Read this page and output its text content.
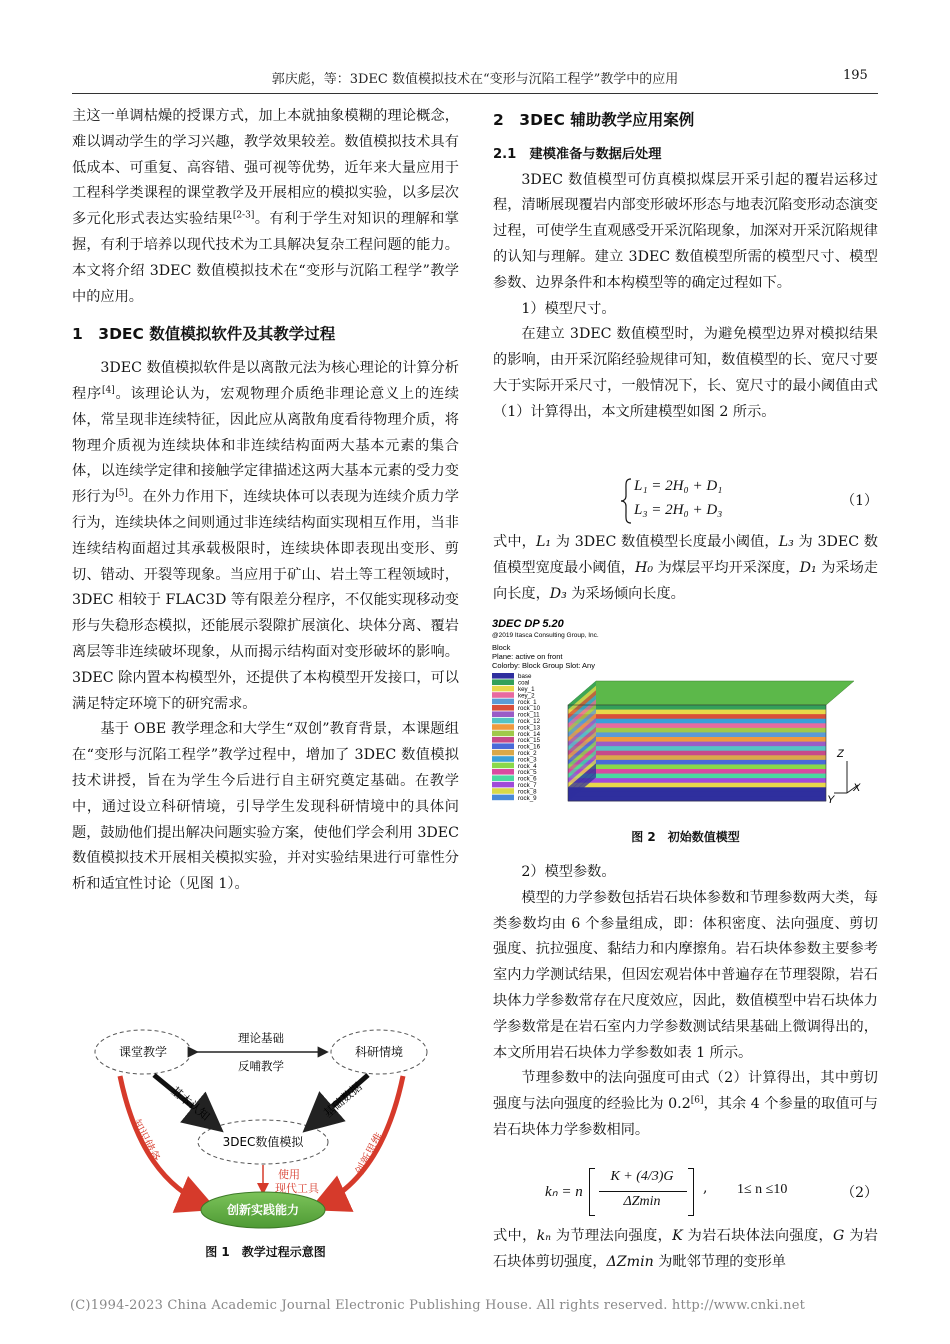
郭庆彪，等：3DEC 数值模拟技术在“变形与沉陷工程学”教学中的应用	195

主这一单调枯燥的授课方式，加上本就抽象模糊的理论概念，难以调动学生的学习兴趣，教学效果较差。数值模拟技术具有低成本、可重复、高容错、强可视等优势，近年来大量应用于工程科学类课程的课堂教学及开展相应的模拟实验，以多层次多元化形式表达实验结果[2-3]。有利于学生对知识的理解和掌握，有利于培养以现代技术为工具解决复杂工程问题的能力。本文将介绍 3DEC 数值模拟技术在“变形与沉陷工程学”教学中的应用。

1　3DEC 数值模拟软件及其教学过程

3DEC 数值模拟软件是以离散元法为核心理论的计算分析程序[4]。该理论认为，宏观物理介质绝非理论意义上的连续体，常呈现非连续特征，因此应从离散角度看待物理介质，将物理介质视为连续块体和非连续结构面两大基本元素的集合体，以连续学定律和接触学定律描述这两大基本元素的受力变形行为[5]。在外力作用下，连续块体可以表现为连续介质力学行为，连续块体之间则通过非连续结构面实现相互作用，当非连续结构面超过其承载极限时，连续块体即表现出变形、剪切、错动、开裂等现象。当应用于矿山、岩土等工程领域时，3DEC 相较于 FLAC3D 等有限差分程序，不仅能实现移动变形与失稳形态模拟，还能展示裂隙扩展演化、块体分离、覆岩离层等非连续破坏现象，从而揭示结构面对变形破坏的影响。3DEC 除内置本构模型外，还提供了本构模型开发接口，可以满足特定环境下的研究需求。

基于 OBE 教学理念和大学生“双创”教育背景，本课题组在“变形与沉陷工程学”教学过程中，增加了 3DEC 数值模拟技术讲授，旨在为学生今后进行自主研究奠定基础。在教学中，通过设立科研情境，引导学生发现科研情境中的具体问题，鼓励他们提出解决问题实验方案，使他们学会利用 3DEC 数值模拟技术开展相关模拟实验，并对实验结果进行可靠性分析和适宜性讨论（见图 1）。

课堂教学	科研情境
理论基础
反哺教学
3DEC数值模拟
基本认知	基础数据
知识储备	创新思维
使用
现代工具
创新实践能力
图 1　教学过程示意图

2　3DEC 辅助教学应用案例

2.1　建模准备与数据后处理

3DEC 数值模型可仿真模拟煤层开采引起的覆岩运移过程，清晰展现覆岩内部变形破坏形态与地表沉陷变形动态演变过程，可使学生直观感受开采沉陷现象，加深对开采沉陷规律的认知与理解。建立 3DEC 数值模型所需的模型尺寸、模型参数、边界条件和本构模型等的确定过程如下。

1）模型尺寸。

在建立 3DEC 数值模型时，为避免模型边界对模拟结果的影响，由开采沉陷经验规律可知，数值模型的长、宽尺寸要大于实际开采尺寸，一般情况下，长、宽尺寸的最小阈值由式（1）计算得出，本文所建模型如图 2 所示。

L₁ = 2H₀ + D₁
L₃ = 2H₀ + D₃
（1）

式中，L₁ 为 3DEC 数值模型长度最小阈值，L₃ 为 3DEC 数值模型宽度最小阈值，H₀ 为煤层平均开采深度，D₁ 为采场走向长度，D₃ 为采场倾向长度。

3DEC DP 5.20
@2019 Itasca Consulting Group, Inc.
Block
Plane: active on front
Colorby: Block Group Slot: Any
base
coal
key_1
key_2
rock_1
rock_10
rock_11
rock_12
rock_13
rock_14
rock_15
rock_16
rock_2
rock_3
rock_4
rock_5
rock_6
rock_7
rock_8
rock_9
Z
X
Y
图 2　初始数值模型

2）模型参数。

模型的力学参数包括岩石块体参数和节理参数两大类，每类参数均由 6 个参量组成，即：体积密度、法向强度、剪切强度、抗拉强度、黏结力和内摩擦角。岩石块体参数主要参考室内力学测试结果，但因宏观岩体中普遍存在节理裂隙，岩石块体力学参数常存在尺度效应，因此，数值模型中岩石块体力学参数常是在岩石室内力学参数测试结果基础上微调得出的，本文所用岩石块体力学参数如表 1 所示。

节理参数中的法向强度可由式（2）计算得出，其中剪切强度与法向强度的经验比为 0.2[6]，其余 4 个参量的取值可与岩石块体力学参数相同。

kₙ = n
K + (4/3)G
ΔZmin
, 1≤ n ≤10	（2）

式中，kₙ 为节理法向强度，K 为岩石块体法向强度，G 为岩石块体剪切强度，ΔZmin 为毗邻节理的变形单

(C)1994-2023 China Academic Journal Electronic Publishing House. All rights reserved. http://www.cnki.net
